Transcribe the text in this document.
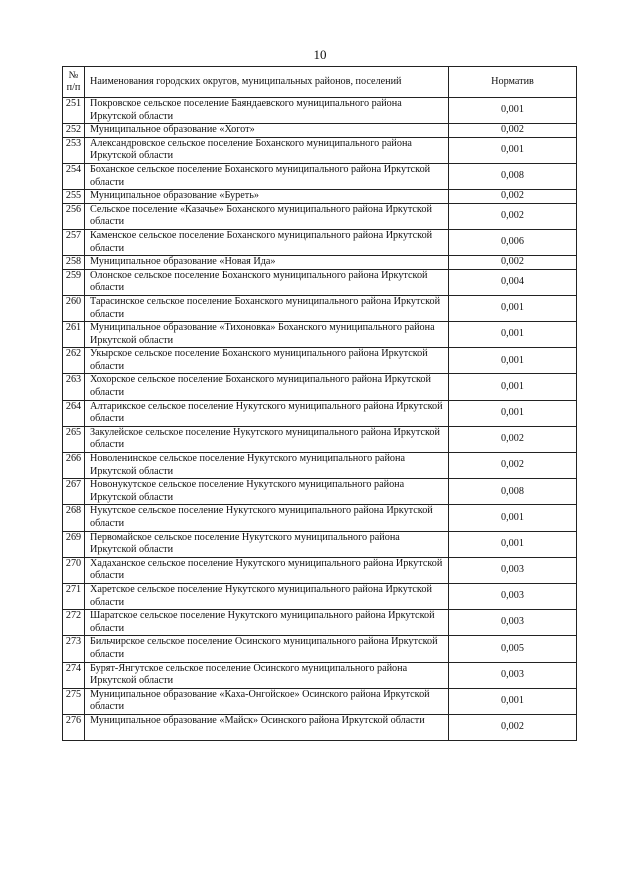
10
№ п/п	Наименования городских округов, муниципальных районов, поселений	Норматив
251	Покровское сельское поселение Баяндаевского муниципального района Иркутской области	0,001
252	Муниципальное образование «Хогот»	0,002
253	Александровское сельское поселение Боханского муниципального района Иркутской области	0,001
254	Боханское сельское поселение Боханского муниципального района Иркутской области	0,008
255	Муниципальное образование «Буреть»	0,002
256	Сельское поселение «Казачье» Боханского муниципального района Иркутской области	0,002
257	Каменское сельское поселение Боханского муниципального района Иркутской области	0,006
258	Муниципальное образование «Новая Ида»	0,002
259	Олонское сельское поселение Боханского муниципального района Иркутской области	0,004
260	Тарасинское сельское поселение Боханского муниципального района Иркутской области	0,001
261	Муниципальное образование «Тихоновка» Боханского муниципального района Иркутской области	0,001
262	Укырское сельское поселение Боханского муниципального района Иркутской области	0,001
263	Хохорское сельское поселение Боханского муниципального района Иркутской области	0,001
264	Алтарикское сельское поселение Нукутского муниципального района Иркутской области	0,001
265	Закулейское сельское поселение Нукутского муниципального района Иркутской области	0,002
266	Новоленинское сельское поселение Нукутского муниципального района Иркутской области	0,002
267	Новонукутское сельское поселение Нукутского муниципального района Иркутской области	0,008
268	Нукутское сельское поселение Нукутского муниципального района Иркутской области	0,001
269	Первомайское сельское поселение Нукутского муниципального района Иркутской области	0,001
270	Хадаханское сельское поселение Нукутского муниципального района Иркутской области	0,003
271	Харетское сельское поселение Нукутского муниципального района Иркутской области	0,003
272	Шаратское сельское поселение Нукутского муниципального района Иркутской области	0,003
273	Бильчирское сельское поселение Осинского муниципального района Иркутской области	0,005
274	Бурят-Янгутское сельское поселение Осинского муниципального района Иркутской области	0,003
275	Муниципальное образование «Каха-Онгойское» Осинского района Иркутской области	0,001
276	Муниципальное образование «Майск» Осинского района Иркутской области	0,002
